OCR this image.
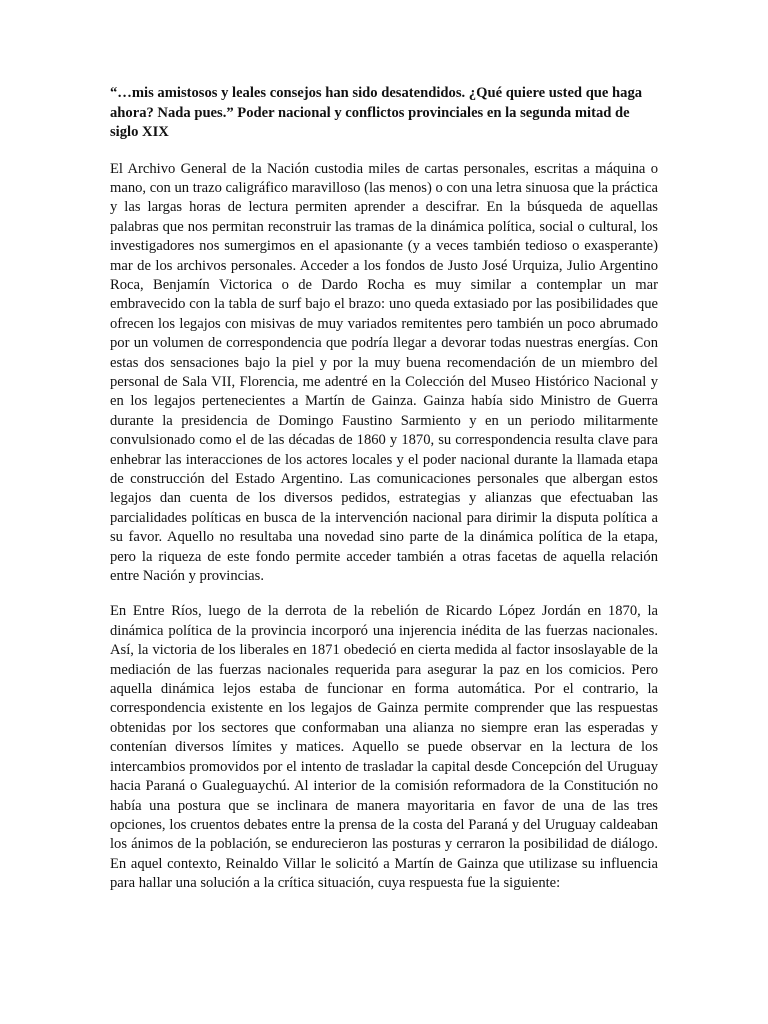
“…mis amistosos y leales consejos han sido desatendidos. ¿Qué quiere usted que haga ahora? Nada pues.” Poder nacional y conflictos provinciales en la segunda mitad de siglo XIX

El Archivo General de la Nación custodia miles de cartas personales, escritas a máquina o mano, con un trazo caligráfico maravilloso (las menos) o con una letra sinuosa que la práctica y las largas horas de lectura permiten aprender a descifrar. En la búsqueda de aquellas palabras que nos permitan reconstruir las tramas de la dinámica política, social o cultural, los investigadores nos sumergimos en el apasionante (y a veces también tedioso o exasperante) mar de los archivos personales. Acceder a los fondos de Justo José Urquiza, Julio Argentino Roca, Benjamín Victorica o de Dardo Rocha es muy similar a contemplar un mar embravecido con la tabla de surf bajo el brazo: uno queda extasiado por las posibilidades que ofrecen los legajos con misivas de muy variados remitentes pero también un poco abrumado por un volumen de correspondencia que podría llegar a devorar todas nuestras energías. Con estas dos sensaciones bajo la piel y por la muy buena recomendación de un miembro del personal de Sala VII, Florencia, me adentré en la Colección del Museo Histórico Nacional y en los legajos pertenecientes a Martín de Gainza. Gainza había sido Ministro de Guerra durante la presidencia de Domingo Faustino Sarmiento y en un periodo militarmente convulsionado como el de las décadas de 1860 y 1870, su correspondencia resulta clave para enhebrar las interacciones de los actores locales y el poder nacional durante la llamada etapa de construcción del Estado Argentino. Las comunicaciones personales que albergan estos legajos dan cuenta de los diversos pedidos, estrategias y alianzas que efectuaban las parcialidades políticas en busca de la intervención nacional para dirimir la disputa política a su favor. Aquello no resultaba una novedad sino parte de la dinámica política de la etapa, pero la riqueza de este fondo permite acceder también a otras facetas de aquella relación entre Nación y provincias.

En Entre Ríos, luego de la derrota de la rebelión de Ricardo López Jordán en 1870, la dinámica política de la provincia incorporó una injerencia inédita de las fuerzas nacionales. Así, la victoria de los liberales en 1871 obedeció en cierta medida al factor insoslayable de la mediación de las fuerzas nacionales requerida para asegurar la paz en los comicios. Pero aquella dinámica lejos estaba de funcionar en forma automática. Por el contrario, la correspondencia existente en los legajos de Gainza permite comprender que las respuestas obtenidas por los sectores que conformaban una alianza no siempre eran las esperadas y contenían diversos límites y matices. Aquello se puede observar en la lectura de los intercambios promovidos por el intento de trasladar la capital desde Concepción del Uruguay hacia Paraná o Gualeguaychú. Al interior de la comisión reformadora de la Constitución no había una postura que se inclinara de manera mayoritaria en favor de una de las tres opciones, los cruentos debates entre la prensa de la costa del Paraná y del Uruguay caldeaban los ánimos de la población, se endurecieron las posturas y cerraron la posibilidad de diálogo. En aquel contexto, Reinaldo Villar le solicitó a Martín de Gainza que utilizase su influencia para hallar una solución a la crítica situación, cuya respuesta fue la siguiente:
